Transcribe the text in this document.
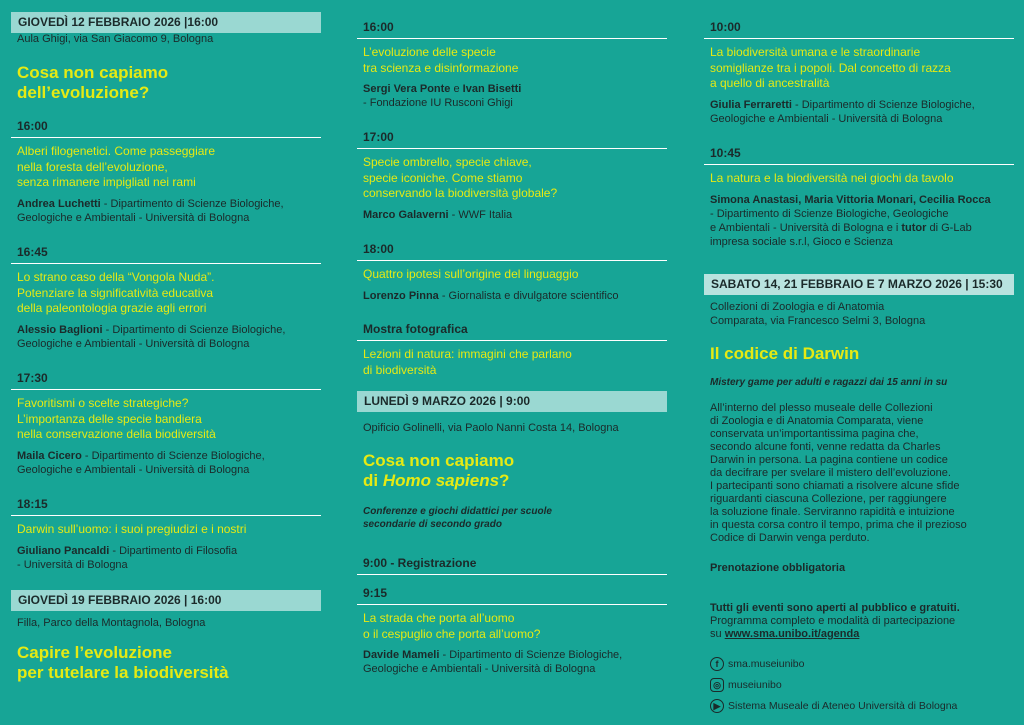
GIOVEDÌ 12 FEBBRAIO 2026 |16:00
Aula Ghigi, via San Giacomo 9, Bologna
Cosa non capiamo
dell’evoluzione?
16:00
Alberi filogenetici. Come passeggiare
nella foresta dell’evoluzione,
senza rimanere impigliati nei rami
Andrea Luchetti - Dipartimento di Scienze Biologiche,
Geologiche e Ambientali - Università di Bologna
16:45
Lo strano caso della “Vongola Nuda”.
Potenziare la significatività educativa
della paleontologia grazie agli errori
Alessio Baglioni - Dipartimento di Scienze Biologiche,
Geologiche e Ambientali - Università di Bologna
17:30
Favoritismi o scelte strategiche?
L’importanza delle specie bandiera
nella conservazione della biodiversità
Maila Cicero - Dipartimento di Scienze Biologiche,
Geologiche e Ambientali - Università di Bologna
18:15
Darwin sull’uomo: i suoi pregiudizi e i nostri
Giuliano Pancaldi - Dipartimento di Filosofia
- Università di Bologna
GIOVEDÌ 19 FEBBRAIO 2026 | 16:00
Filla, Parco della Montagnola, Bologna
Capire l’evoluzione
per tutelare la biodiversità
16:00
L’evoluzione delle specie
tra scienza e disinformazione
Sergi Vera Ponte e Ivan Bisetti
- Fondazione IU Rusconi Ghigi
17:00
Specie ombrello, specie chiave,
specie iconiche. Come stiamo
conservando la biodiversità globale?
Marco Galaverni - WWF Italia
18:00
Quattro ipotesi sull’origine del linguaggio
Lorenzo Pinna - Giornalista e divulgatore scientifico
Mostra fotografica
Lezioni di natura: immagini che parlano
di biodiversità
LUNEDÌ 9 MARZO 2026 | 9:00
Opificio Golinelli, via Paolo Nanni Costa 14, Bologna
Cosa non capiamo
di Homo sapiens?
Conferenze e giochi didattici per scuole
secondarie di secondo grado
9:00 - Registrazione
9:15
La strada che porta all’uomo
o il cespuglio che porta all’uomo?
Davide Mameli - Dipartimento di Scienze Biologiche,
Geologiche e Ambientali - Università di Bologna
10:00
La biodiversità umana e le straordinarie
somiglianze tra i popoli. Dal concetto di razza
a quello di ancestralità
Giulia Ferraretti - Dipartimento di Scienze Biologiche,
Geologiche e Ambientali - Università di Bologna
10:45
La natura e la biodiversità nei giochi da tavolo
Simona Anastasi, Maria Vittoria Monari, Cecilia Rocca
- Dipartimento di Scienze Biologiche, Geologiche
e Ambientali - Università di Bologna e i tutor di G-Lab
impresa sociale s.r.l, Gioco e Scienza
SABATO 14, 21 FEBBRAIO E 7 MARZO 2026 | 15:30
Collezioni di Zoologia e di Anatomia
Comparata, via Francesco Selmi 3, Bologna
Il codice di Darwin
Mistery game per adulti e ragazzi dai 15 anni in su
All’interno del plesso museale delle Collezioni
di Zoologia e di Anatomia Comparata, viene
conservata un’importantissima pagina che,
secondo alcune fonti, venne redatta da Charles
Darwin in persona. La pagina contiene un codice
da decifrare per svelare il mistero dell’evoluzione.
I partecipanti sono chiamati a risolvere alcune sfide
riguardanti ciascuna Collezione, per raggiungere
la soluzione finale. Serviranno rapidità e intuizione
in questa corsa contro il tempo, prima che il prezioso
Codice di Darwin venga perduto.
Prenotazione obbligatoria
Tutti gli eventi sono aperti al pubblico e gratuiti.
Programma completo e modalità di partecipazione
su www.sma.unibo.it/agenda
f sma.museiunibo
◎ museiunibo
▶ Sistema Museale di Ateneo Università di Bologna
